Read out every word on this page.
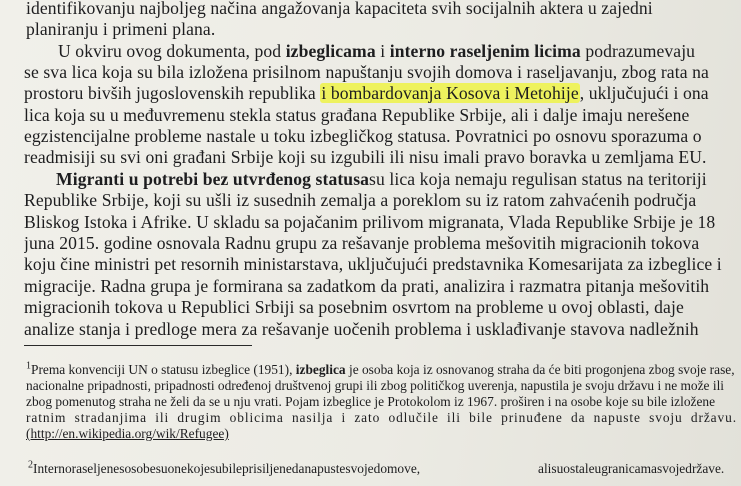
identifikovanju najboljeg načina angažovanja kapaciteta svih socijalnih aktera u zajedni
planiranju i primeni plana.
U okviru ovog dokumenta, pod izbeglicama i interno raseljenim licima podrazumevaju
se sva lica koja su bila izložena prisilnom napuštanju svojih domova i raseljavanju, zbog rata na
prostoru bivših jugoslovenskih republika i bombardovanja Kosova i Metohije, uključujući i ona
lica koja su u međuvremenu stekla status građana Republike Srbije, ali i dalje imaju nerešene
egzistencijalne probleme nastale u toku izbegličkog statusa. Povratnici po osnovu sporazuma o
readmisiji su svi oni građani Srbije koji su izgubili ili nisu imali pravo boravka u zemljama EU.
Migranti u potrebi bez utvrđenog statusasu lica koja nemaju regulisan status na teritoriji
Republike Srbije, koji su ušli iz susednih zemalja a poreklom su iz ratom zahvaćenih područja
Bliskog Istoka i Afrike. U skladu sa pojačanim prilivom migranata, Vlada Republike Srbije je 18
juna 2015. godine osnovala Radnu grupu za rešavanje problema mešovitih migracionih tokova
koju čine ministri pet resornih ministarstava, uključujući predstavnika Komesarijata za izbeglice i
migracije. Radna grupa je formirana sa zadatkom da prati, analizira i razmatra pitanja mešovitih
migracionih tokova u Republici Srbiji sa posebnim osvrtom na probleme u ovoj oblasti, daje
analize stanja i predloge mera za rešavanje uočenih problema i usklađivanje stavova nadležnih
$^1$Prema konvenciji UN o statusu izbeglice (1951), izbeglica je osoba koja iz osnovanog straha da će biti progonjena zbog svoje rase,
nacionalne pripadnosti, pripadnosti određenoj društvenoj grupi ili zbog političkog uverenja, napustila je svoju državu i ne može ili
zbog pomenutog straha ne želi da se u nju vrati. Pojam izbeglice je Protokolom iz 1967. proširen i na osobe koje su bile izložene
ratnim stradanjima ili drugim oblicima nasilja i zato odlučile ili bile prinuđene da napuste svoju državu.
(http://en.wikipedia.org/wik/Refugee)
$^2$Internoraseljenesosobesuonekojesubileprisiljenedanapustesvojedomove,	alisuostaleugranicamasvojedržave.
